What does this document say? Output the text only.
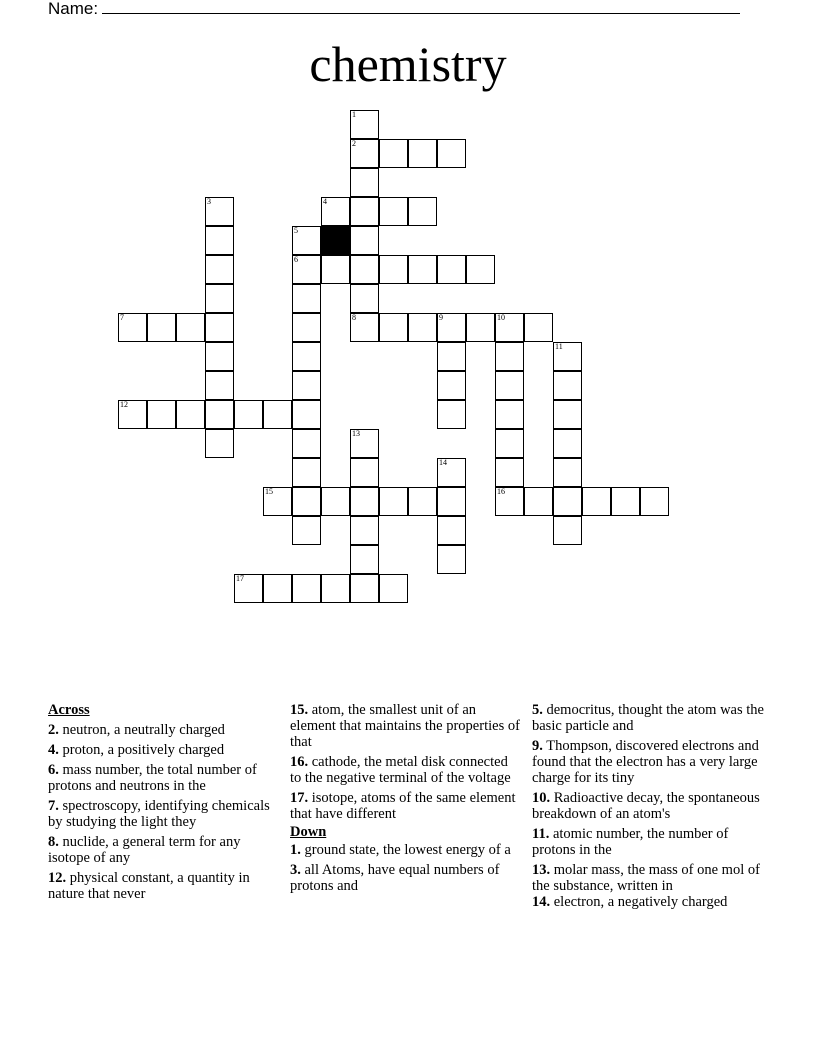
Name:
chemistry
1
2
3	4
5
6
7	8	9	10
11
12
13
14
15	16
17
Across
2. neutron, a neutrally charged
4. proton, a positively charged
6. mass number, the total number of protons and neutrons in the
7. spectroscopy, identifying chemicals by studying the light they
8. nuclide, a general term for any isotope of any
12. physical constant, a quantity in nature that never
15. atom, the smallest unit of an element that maintains the properties of that
16. cathode, the metal disk connected to the negative terminal of the voltage
17. isotope, atoms of the same element that have different
Down
1. ground state, the lowest energy of a
3. all Atoms, have equal numbers of protons and
5. democritus, thought the atom was the basic particle and
9. Thompson, discovered electrons and found that the electron has a very large charge for its tiny
10. Radioactive decay, the spontaneous breakdown of an atom's
11. atomic number, the number of protons in the
13. molar mass, the mass of one mol of the substance, written in
14. electron, a negatively charged
